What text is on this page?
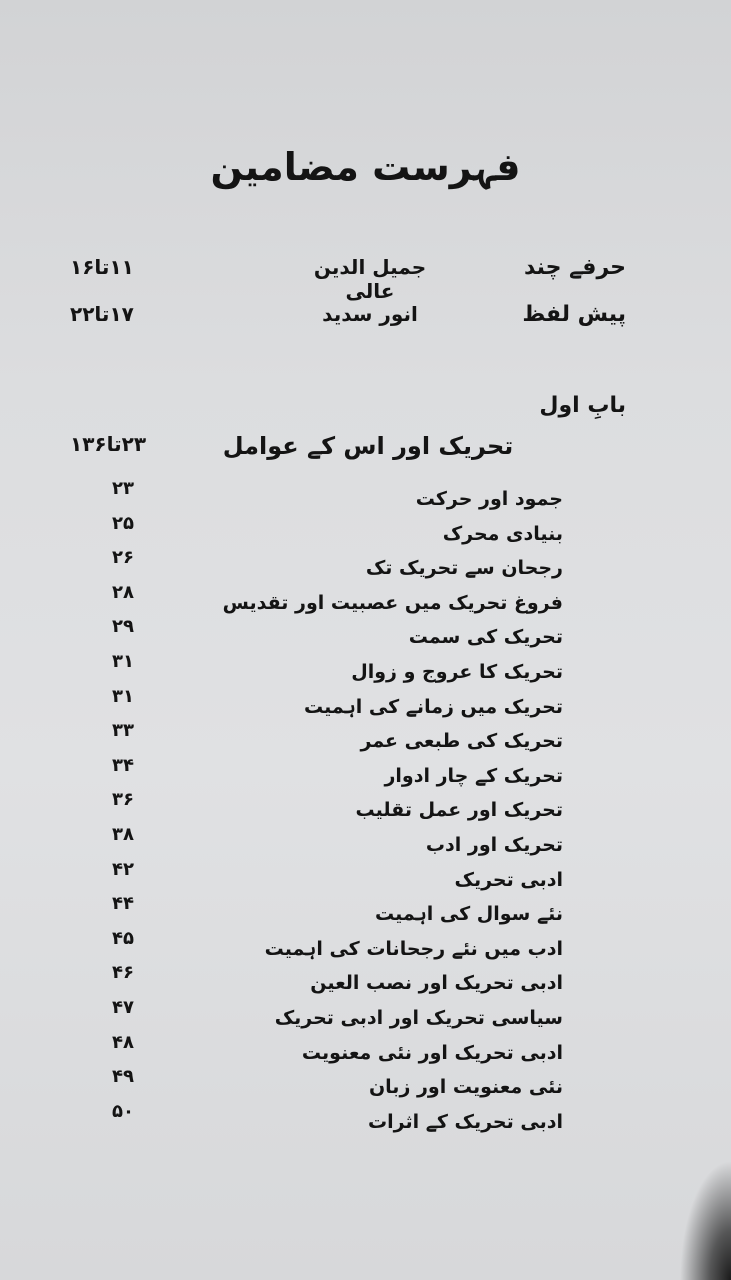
فہرست مضامین
حرفے چند
جمیل الدین عالی
۱۱تا۱۶
پیش لفظ
انور سدید
۱۷تا۲۲
بابِ اول
تحریک اور اس کے عوامل
۲۳تا۱۳۶
جمود اور حرکت
۲۳
بنیادی محرک
۲۵
رجحان سے تحریک تک
۲۶
فروغ تحریک میں عصبیت اور تقدیس
۲۸
تحریک کی سمت
۲۹
تحریک کا عروج و زوال
۳۱
تحریک میں زمانے کی اہمیت
۳۱
تحریک کی طبعی عمر
۳۳
تحریک کے چار ادوار
۳۴
تحریک اور عمل تقلیب
۳۶
تحریک اور ادب
۳۸
ادبی تحریک
۴۲
نئے سوال کی اہمیت
۴۴
ادب میں نئے رجحانات کی اہمیت
۴۵
ادبی تحریک اور نصب العین
۴۶
سیاسی تحریک اور ادبی تحریک
۴۷
ادبی تحریک اور نئی معنویت
۴۸
نئی معنویت اور زبان
۴۹
ادبی تحریک کے اثرات
۵۰
